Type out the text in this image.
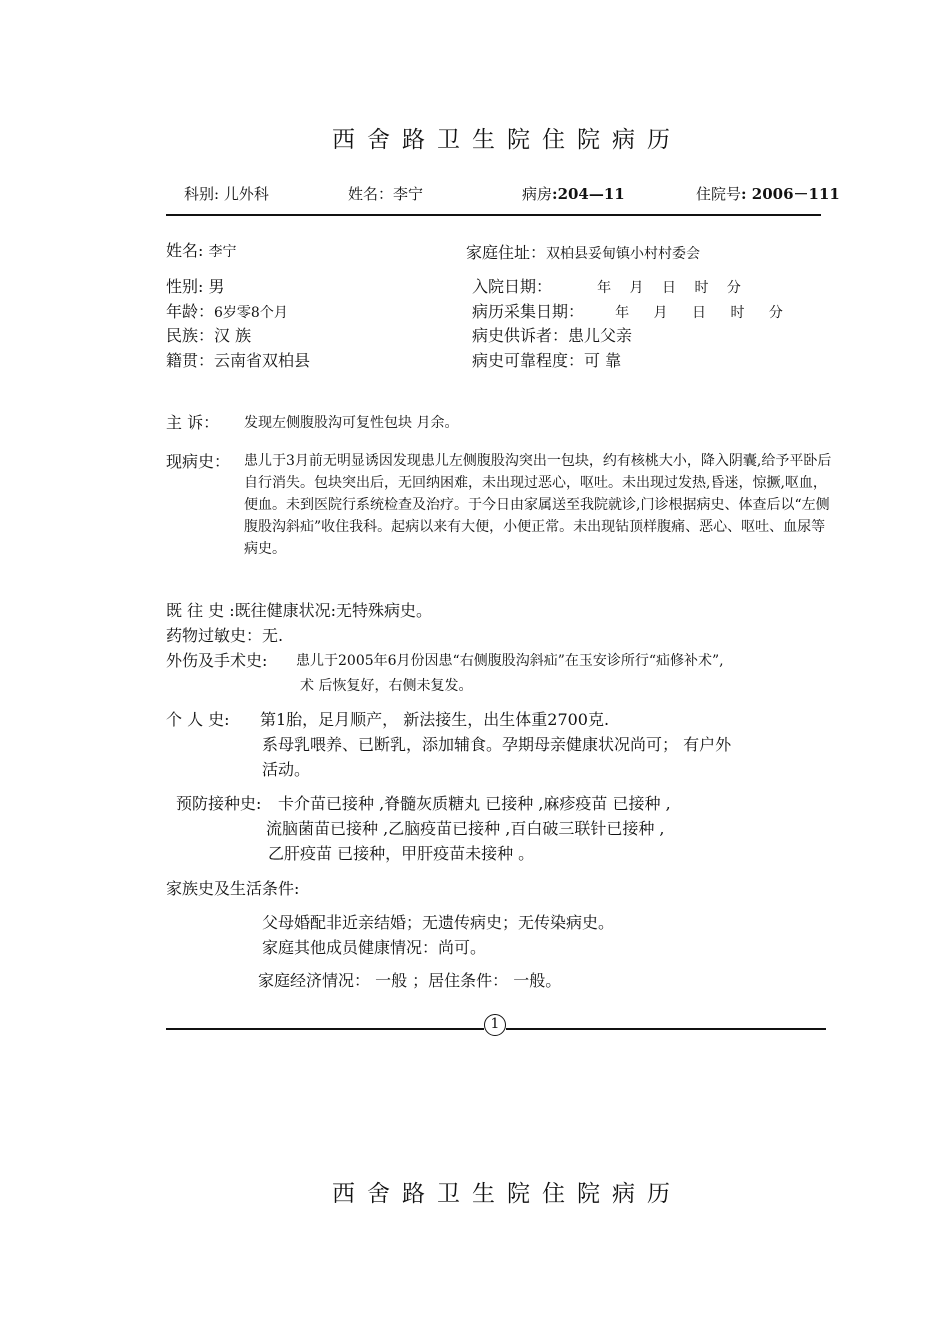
西舍路卫生院住院病历
科别: 儿外科	姓名：李宁	病房:204—11	住院号: 2006－111
姓名: 李宁
性别: 男
年龄：6岁零8个月
民族：汉 族
籍贯：云南省双柏县
家庭住址：双柏县妥甸镇小村村委会
入院日期：	年 月 日 时 分
病历采集日期： 年 月 日 时 分
病史供诉者：患儿父亲
病史可靠程度：可 靠
主 诉： 发现左侧腹股沟可复性包块 月余。
现病史： 患儿于3月前无明显诱因发现患儿左侧腹股沟突出一包块，约有核桃大小，降入阴囊,给予平卧后自行消失。包块突出后，无回纳困难，未出现过恶心，呕吐。未出现过发热,昏迷，惊撅,呕血，便血。未到医院行系统检查及治疗。于今日由家属送至我院就诊,门诊根据病史、体查后以“左侧腹股沟斜疝”收住我科。起病以来有大便，小便正常。未出现钻顶样腹痛、恶心、呕吐、血尿等病史。
既 往 史 :既往健康状况:无特殊病史。
药物过敏史：无.
外伤及手术史: 患儿于2005年6月份因患“右侧腹股沟斜疝”在玉安诊所行“疝修补术”,
术 后恢复好，右侧未复发。
个 人 史: 第1胎，足月顺产， 新法接生，出生体重2700克.
系母乳喂养、已断乳，添加辅食。孕期母亲健康状况尚可； 有户外
活动。
预防接种史: 卡介苗已接种 ,脊髓灰质糖丸 已接种 ,麻疹疫苗 已接种 ,
流脑菌苗已接种 ,乙脑疫苗已接种 ,百白破三联针已接种 ,
乙肝疫苗 已接种，甲肝疫苗未接种 。
家族史及生活条件:
父母婚配非近亲结婚；无遗传病史；无传染病史。
家庭其他成员健康情况：尚可。
家庭经济情况： 一般 ；居住条件： 一般。
1
西舍路卫生院住院病历
